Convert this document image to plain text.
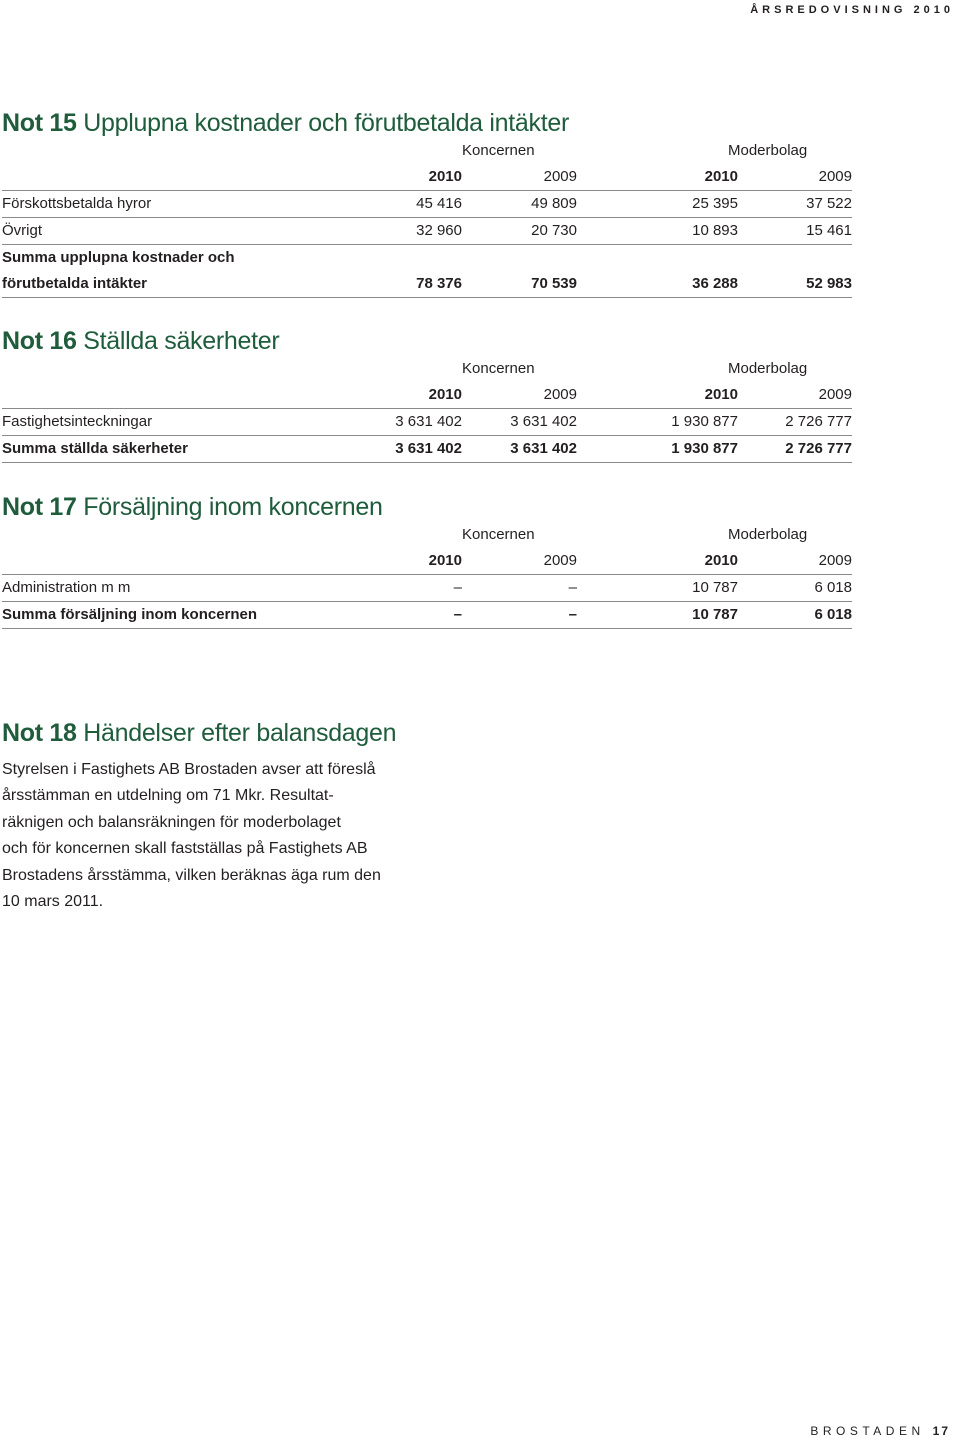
ÅRSREDOVISNING 2010
Not 15 Upplupna kostnader och förutbetalda intäkter
Koncernen	Moderbolag
2010	2009	2010	2009
Förskottsbetalda hyror	45 416	49 809	25 395	37 522
Övrigt	32 960	20 730	10 893	15 461
Summa upplupna kostnader och
förutbetalda intäkter	78 376	70 539	36 288	52 983
Not 16 Ställda säkerheter
Koncernen	Moderbolag
2010	2009	2010	2009
Fastighetsinteckningar	3 631 402	3 631 402	1 930 877	2 726 777
Summa ställda säkerheter	3 631 402	3 631 402	1 930 877	2 726 777
Not 17 Försäljning inom koncernen
Koncernen	Moderbolag
2010	2009	2010	2009
Administration m m	–	–	10 787	6 018
Summa försäljning inom koncernen	–	–	10 787	6 018
Not 18 Händelser efter balansdagen
Styrelsen i Fastighets AB Brostaden avser att föreslå
årsstämman en utdelning om 71 Mkr. Resultat-
räknigen och balansräkningen för moderbolaget
och för koncernen skall fastställas på Fastighets AB
Brostadens årsstämma, vilken beräknas äga rum den
10 mars 2011.
BROSTADEN 17
